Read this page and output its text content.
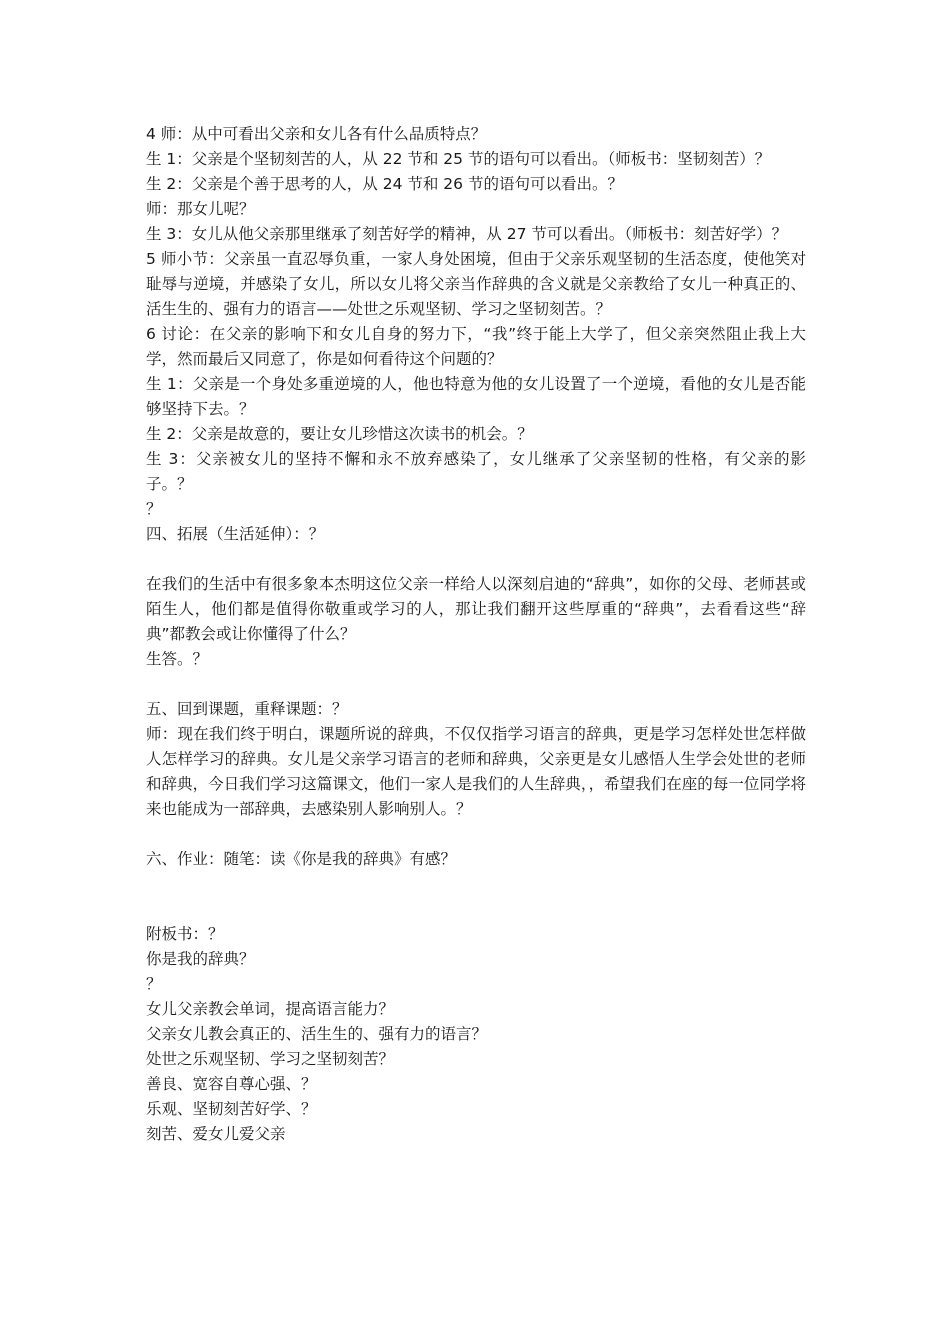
4 师：从中可看出父亲和女儿各有什么品质特点？
生 1：父亲是个坚韧刻苦的人，从 22 节和 25 节的语句可以看出。（师板书：坚韧刻苦）？
生 2：父亲是个善于思考的人，从 24 节和 26 节的语句可以看出。？
师：那女儿呢？
生 3：女儿从他父亲那里继承了刻苦好学的精神，从 27 节可以看出。（师板书：刻苦好学）？
5 师小节：父亲虽一直忍辱负重，一家人身处困境，但由于父亲乐观坚韧的生活态度，使他笑对耻辱与逆境，并感染了女儿，所以女儿将父亲当作辞典的含义就是父亲教给了女儿一种真正的、活生生的、强有力的语言——处世之乐观坚韧、学习之坚韧刻苦。？
6 讨论：在父亲的影响下和女儿自身的努力下，“我”终于能上大学了，但父亲突然阻止我上大学，然而最后又同意了，你是如何看待这个问题的？
生 1：父亲是一个身处多重逆境的人，他也特意为他的女儿设置了一个逆境，看他的女儿是否能够坚持下去。？
生 2：父亲是故意的，要让女儿珍惜这次读书的机会。？
生 3：父亲被女儿的坚持不懈和永不放弃感染了，女儿继承了父亲坚韧的性格，有父亲的影子。？
？
四、拓展（生活延伸）：？
在我们的生活中有很多象本杰明这位父亲一样给人以深刻启迪的“辞典”，如你的父母、老师甚或陌生人，他们都是值得你敬重或学习的人，那让我们翻开这些厚重的“辞典”，去看看这些“辞典”都教会或让你懂得了什么？
生答。？
五、回到课题，重释课题：？
师：现在我们终于明白，课题所说的辞典，不仅仅指学习语言的辞典，更是学习怎样处世怎样做人怎样学习的辞典。女儿是父亲学习语言的老师和辞典，父亲更是女儿感悟人生学会处世的老师和辞典，今日我们学习这篇课文，他们一家人是我们的人生辞典，，希望我们在座的每一位同学将来也能成为一部辞典，去感染别人影响别人。？
六、作业：随笔：读《你是我的辞典》有感？
附板书：？
你是我的辞典？
？
女儿父亲教会单词，提高语言能力？
父亲女儿教会真正的、活生生的、强有力的语言？
处世之乐观坚韧、学习之坚韧刻苦？
善良、宽容自尊心强、？
乐观、坚韧刻苦好学、？
刻苦、爱女儿爱父亲
